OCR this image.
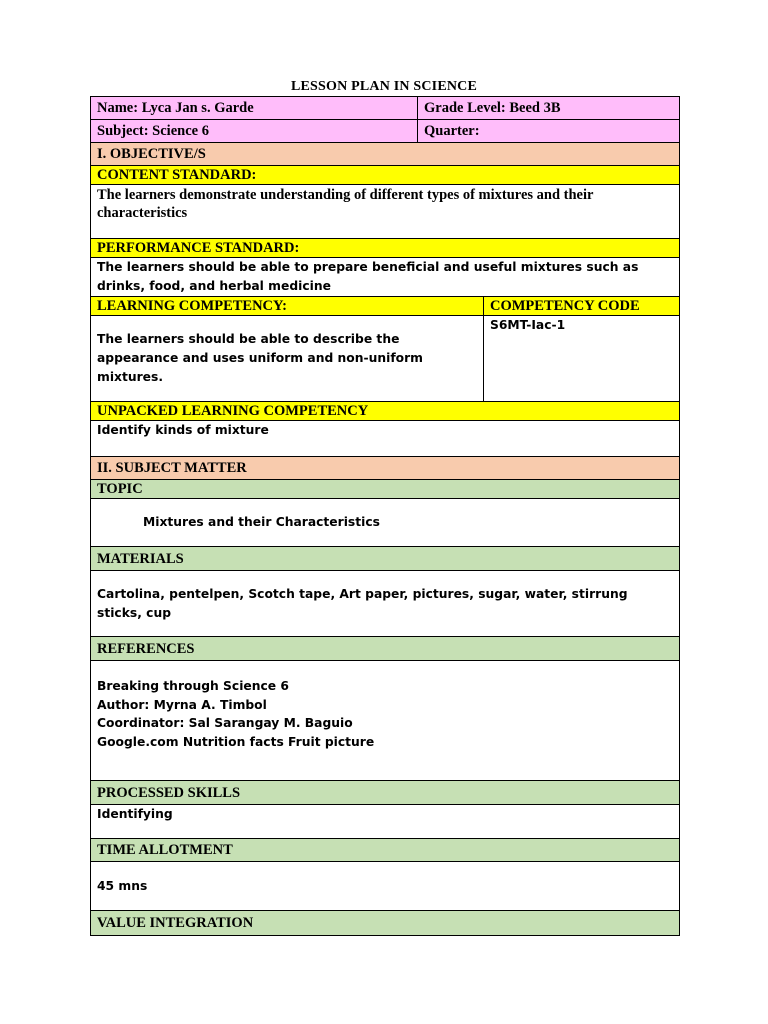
LESSON PLAN IN SCIENCE
Name: Lyca Jan s. Garde	Grade Level: Beed 3B	
Subject: Science 6	Quarter:	
I. OBJECTIVE/S		
CONTENT STANDARD:		
The learners demonstrate understanding of different types of mixtures and their characteristics		
PERFORMANCE STANDARD:		
The learners should be able to prepare beneficial and useful mixtures such as drinks, food, and herbal medicine		
LEARNING COMPETENCY:		COMPETENCY CODE
The learners should be able to describe the appearance and uses uniform and non-uniform mixtures.		S6MT-Iac-1
UNPACKED LEARNING COMPETENCY		
Identify kinds of mixture		
II. SUBJECT MATTER		
TOPIC		
Mixtures and their Characteristics		
MATERIALS		
Cartolina, pentelpen, Scotch tape, Art paper, pictures, sugar, water, stirrung sticks, cup		
REFERENCES		

Breaking through Science 6
Author: Myrna A. Timbol
Coordinator: Sal Sarangay M. Baguio
Google.com Nutrition facts Fruit picture		

PROCESSED SKILLS		
Identifying		
TIME ALLOTMENT		
45 mns		
VALUE INTEGRATION		
